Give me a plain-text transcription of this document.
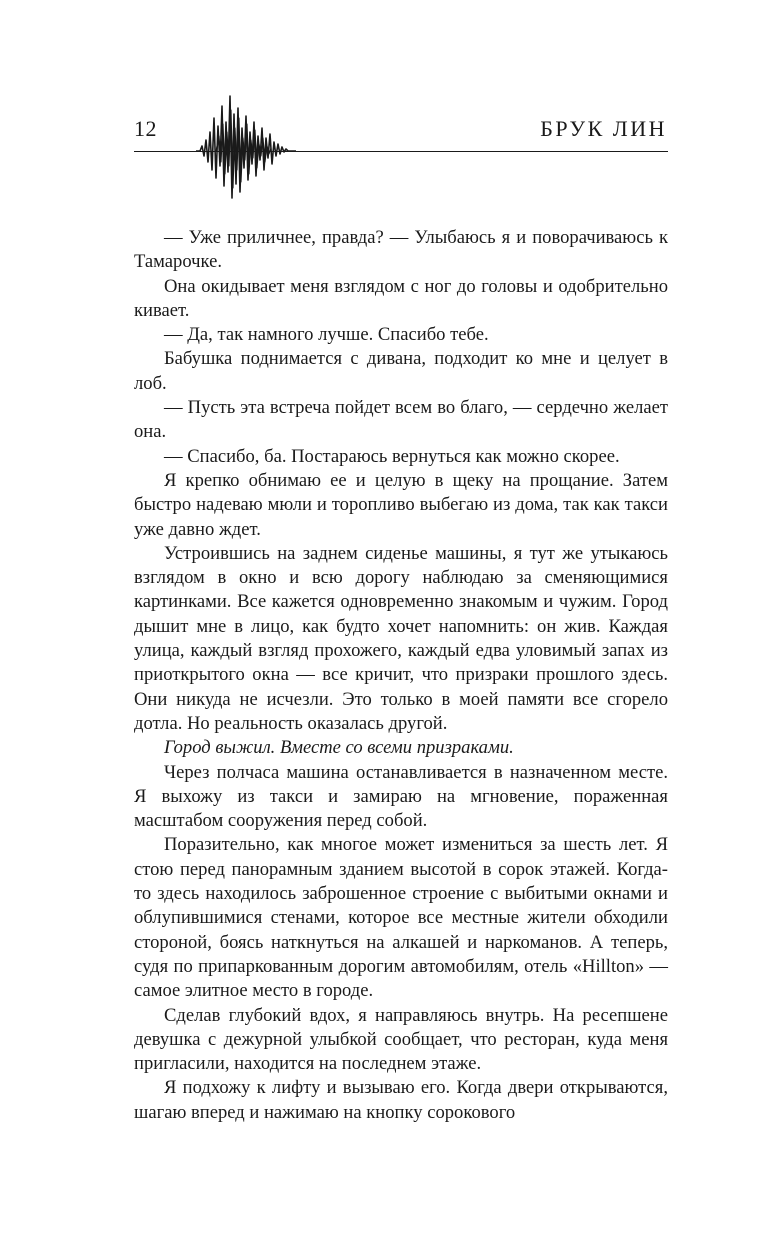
12	БРУК ЛИН

— Уже приличнее, правда? — Улыбаюсь я и поворачиваюсь к Тамарочке.

Она окидывает меня взглядом с ног до головы и одобрительно кивает.

— Да, так намного лучше. Спасибо тебе.

Бабушка поднимается с дивана, подходит ко мне и целует в лоб.

— Пусть эта встреча пойдет всем во благо, — сердечно желает она.

— Спасибо, ба. Постараюсь вернуться как можно скорее.

Я крепко обнимаю ее и целую в щеку на прощание. Затем быстро надеваю мюли и торопливо выбегаю из дома, так как такси уже давно ждет.

Устроившись на заднем сиденье машины, я тут же утыкаюсь взглядом в окно и всю дорогу наблюдаю за сменяющимися картинками. Все кажется одновременно знакомым и чужим. Город дышит мне в лицо, как будто хочет напомнить: он жив. Каждая улица, каждый взгляд прохожего, каждый едва уловимый запах из приоткрытого окна — все кричит, что призраки прошлого здесь. Они никуда не исчезли. Это только в моей памяти все сгорело дотла. Но реальность оказалась другой.

Город выжил. Вместе со всеми призраками.

Через полчаса машина останавливается в назначенном месте. Я выхожу из такси и замираю на мгновение, пораженная масштабом сооружения перед собой.

Поразительно, как многое может измениться за шесть лет. Я стою перед панорамным зданием высотой в сорок этажей. Когда-то здесь находилось заброшенное строение с выбитыми окнами и облупившимися стенами, которое все местные жители обходили стороной, боясь наткнуться на алкашей и наркоманов. А теперь, судя по припаркованным дорогим автомобилям, отель «Hillton» — самое элитное место в городе.

Сделав глубокий вдох, я направляюсь внутрь. На ресепшене девушка с дежурной улыбкой сообщает, что ресторан, куда меня пригласили, находится на последнем этаже.

Я подхожу к лифту и вызываю его. Когда двери открываются, шагаю вперед и нажимаю на кнопку сорокового
